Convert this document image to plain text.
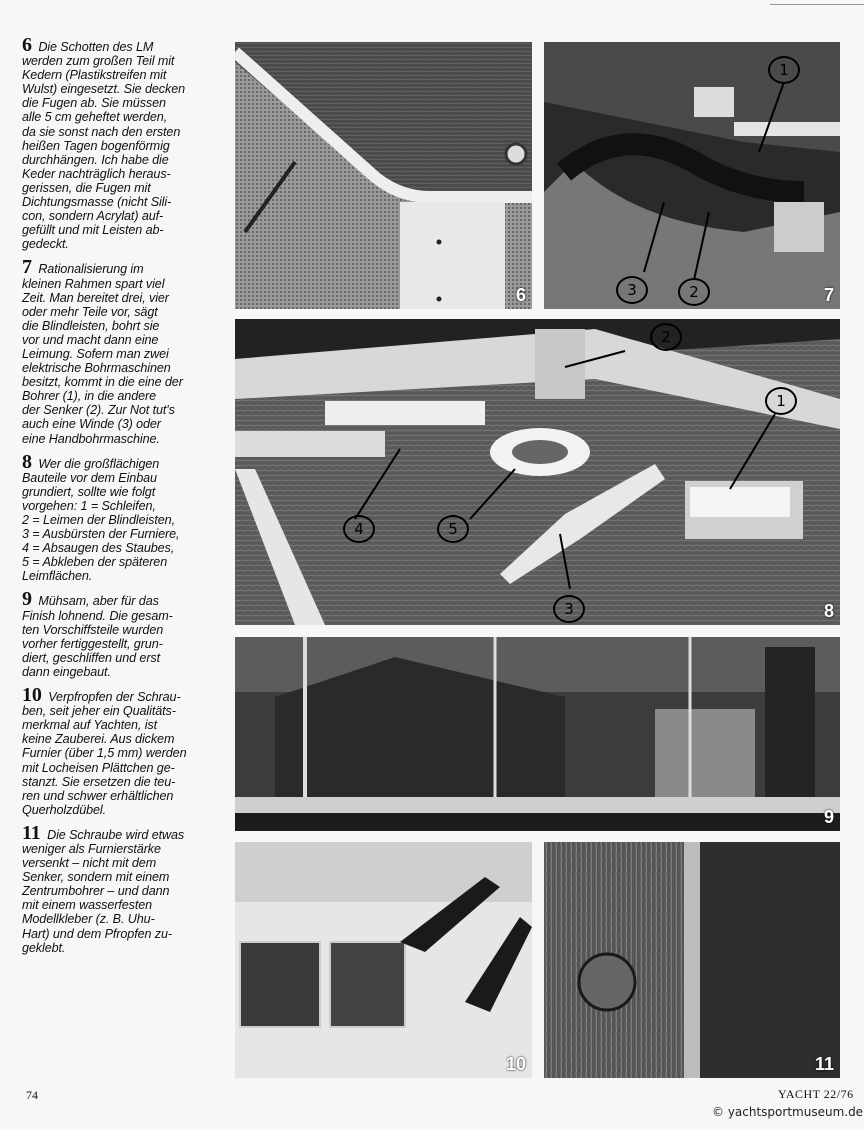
6 Die Schotten des LM
werden zum großen Teil mit
Kedern (Plastikstreifen mit
Wulst) eingesetzt. Sie decken
die Fugen ab. Sie müssen
alle 5 cm geheftet werden,
da sie sonst nach den ersten
heißen Tagen bogenförmig
durchhängen. Ich habe die
Keder nachträglich heraus-
gerissen, die Fugen mit
Dichtungsmasse (nicht Sili-
con, sondern Acrylat) auf-
gefüllt und mit Leisten ab-
gedeckt.

7 Rationalisierung im
kleinen Rahmen spart viel
Zeit. Man bereitet drei, vier
oder mehr Teile vor, sägt
die Blindleisten, bohrt sie
vor und macht dann eine
Leimung. Sofern man zwei
elektrische Bohrmaschinen
besitzt, kommt in die eine der
Bohrer (1), in die andere
der Senker (2). Zur Not tut's
auch eine Winde (3) oder
eine Handbohrmaschine.

8 Wer die großflächigen
Bauteile vor dem Einbau
grundiert, sollte wie folgt
vorgehen: 1 = Schleifen,
2 = Leimen der Blindleisten,
3 = Ausbürsten der Furniere,
4 = Absaugen des Staubes,
5 = Abkleben der späteren
Leimflächen.

9 Mühsam, aber für das
Finish lohnend. Die gesam-
ten Vorschiffsteile wurden
vorher fertiggestellt, grun-
diert, geschliffen und erst
dann eingebaut.

10 Verpfropfen der Schrau-
ben, seit jeher ein Qualitäts-
merkmal auf Yachten, ist
keine Zauberei. Aus dickem
Furnier (über 1,5 mm) werden
mit Locheisen Plättchen ge-
stanzt. Sie ersetzen die teu-
ren und schwer erhältlichen
Querholzdübel.

11 Die Schraube wird etwas
weniger als Furnierstärke
versenkt – nicht mit dem
Senker, sondern mit einem
Zentrumbohrer – und dann
mit einem wasserfesten
Modellkleber (z. B. Uhu-
Hart) und dem Pfropfen zu-
geklebt.

6
1
3	2	7
2
1
4	5
3	8
9
10	11
74	YACHT 22/76
© yachtsportmuseum.de
